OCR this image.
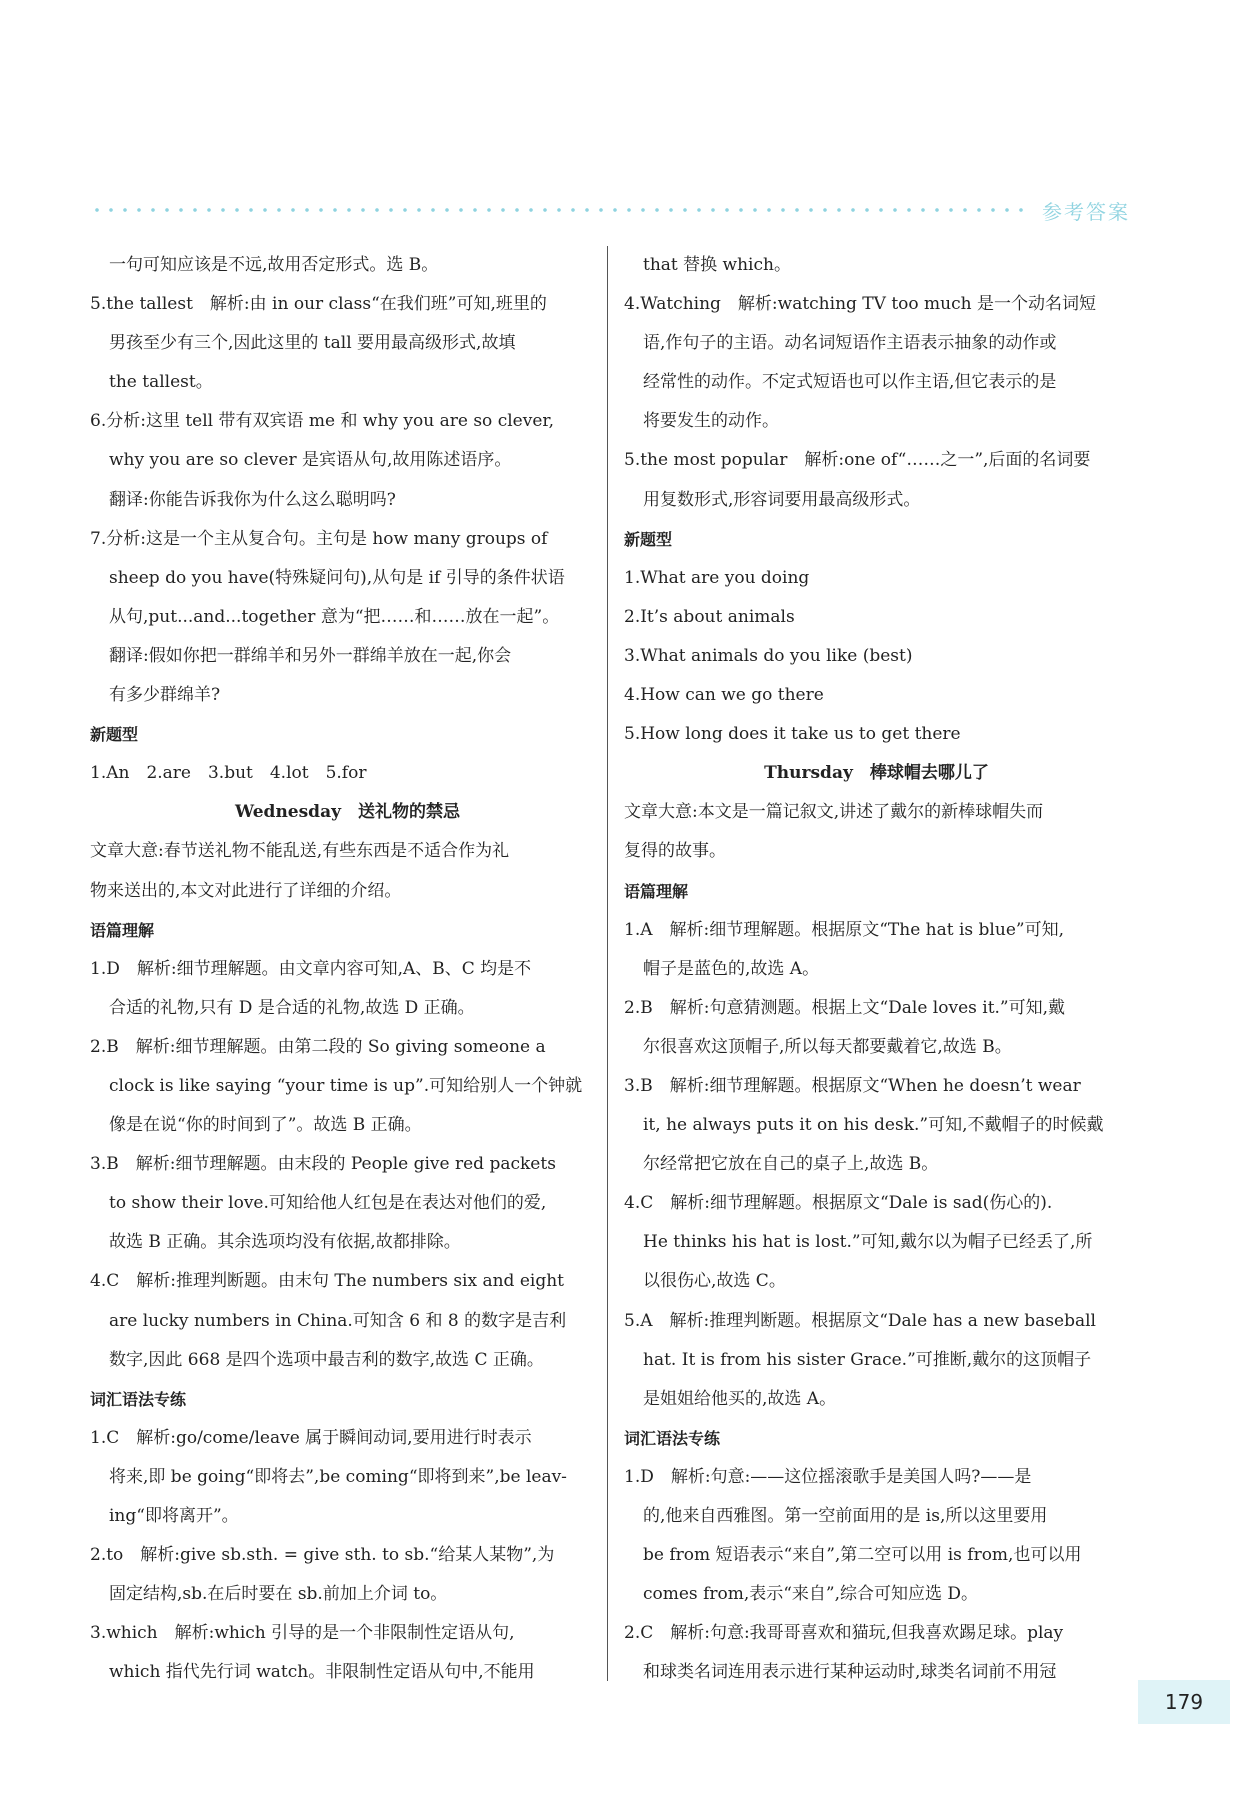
参考答案
一句可知应该是不远,故用否定形式。选 B。
5.the tallest　解析:由 in our class“在我们班”可知,班里的
男孩至少有三个,因此这里的 tall 要用最高级形式,故填
the tallest。
6.分析:这里 tell 带有双宾语 me 和 why you are so clever,
why you are so clever 是宾语从句,故用陈述语序。
翻译:你能告诉我你为什么这么聪明吗?
7.分析:这是一个主从复合句。主句是 how many groups of
sheep do you have(特殊疑问句),从句是 if 引导的条件状语
从句,put...and...together 意为“把……和……放在一起”。
翻译:假如你把一群绵羊和另外一群绵羊放在一起,你会
有多少群绵羊?
新题型
1.An　2.are　3.but　4.lot　5.for
Wednesday　送礼物的禁忌
文章大意:春节送礼物不能乱送,有些东西是不适合作为礼
物来送出的,本文对此进行了详细的介绍。
语篇理解
1.D　解析:细节理解题。由文章内容可知,A、B、C 均是不
合适的礼物,只有 D 是合适的礼物,故选 D 正确。
2.B　解析:细节理解题。由第二段的 So giving someone a
clock is like saying “your time is up”.可知给别人一个钟就
像是在说“你的时间到了”。故选 B 正确。
3.B　解析:细节理解题。由末段的 People give red packets
to show their love.可知给他人红包是在表达对他们的爱,
故选 B 正确。其余选项均没有依据,故都排除。
4.C　解析:推理判断题。由末句 The numbers six and eight
are lucky numbers in China.可知含 6 和 8 的数字是吉利
数字,因此 668 是四个选项中最吉利的数字,故选 C 正确。
词汇语法专练
1.C　解析:go/come/leave 属于瞬间动词,要用进行时表示
将来,即 be going“即将去”,be coming“即将到来”,be leav-
ing“即将离开”。
2.to　解析:give sb.sth. = give sth. to sb.“给某人某物”,为
固定结构,sb.在后时要在 sb.前加上介词 to。
3.which　解析:which 引导的是一个非限制性定语从句,
which 指代先行词 watch。非限制性定语从句中,不能用
that 替换 which。
4.Watching　解析:watching TV too much 是一个动名词短
语,作句子的主语。动名词短语作主语表示抽象的动作或
经常性的动作。不定式短语也可以作主语,但它表示的是
将要发生的动作。
5.the most popular　解析:one of“……之一”,后面的名词要
用复数形式,形容词要用最高级形式。
新题型
1.What are you doing
2.It’s about animals
3.What animals do you like (best)
4.How can we go there
5.How long does it take us to get there
Thursday　棒球帽去哪儿了
文章大意:本文是一篇记叙文,讲述了戴尔的新棒球帽失而
复得的故事。
语篇理解
1.A　解析:细节理解题。根据原文“The hat is blue”可知,
帽子是蓝色的,故选 A。
2.B　解析:句意猜测题。根据上文“Dale loves it.”可知,戴
尔很喜欢这顶帽子,所以每天都要戴着它,故选 B。
3.B　解析:细节理解题。根据原文“When he doesn’t wear
it, he always puts it on his desk.”可知,不戴帽子的时候戴
尔经常把它放在自己的桌子上,故选 B。
4.C　解析:细节理解题。根据原文“Dale is sad(伤心的).
He thinks his hat is lost.”可知,戴尔以为帽子已经丢了,所
以很伤心,故选 C。
5.A　解析:推理判断题。根据原文“Dale has a new baseball
hat. It is from his sister Grace.”可推断,戴尔的这顶帽子
是姐姐给他买的,故选 A。
词汇语法专练
1.D　解析:句意:——这位摇滚歌手是美国人吗?——是
的,他来自西雅图。第一空前面用的是 is,所以这里要用
be from 短语表示“来自”,第二空可以用 is from,也可以用
comes from,表示“来自”,综合可知应选 D。
2.C　解析:句意:我哥哥喜欢和猫玩,但我喜欢踢足球。play
和球类名词连用表示进行某种运动时,球类名词前不用冠
179
